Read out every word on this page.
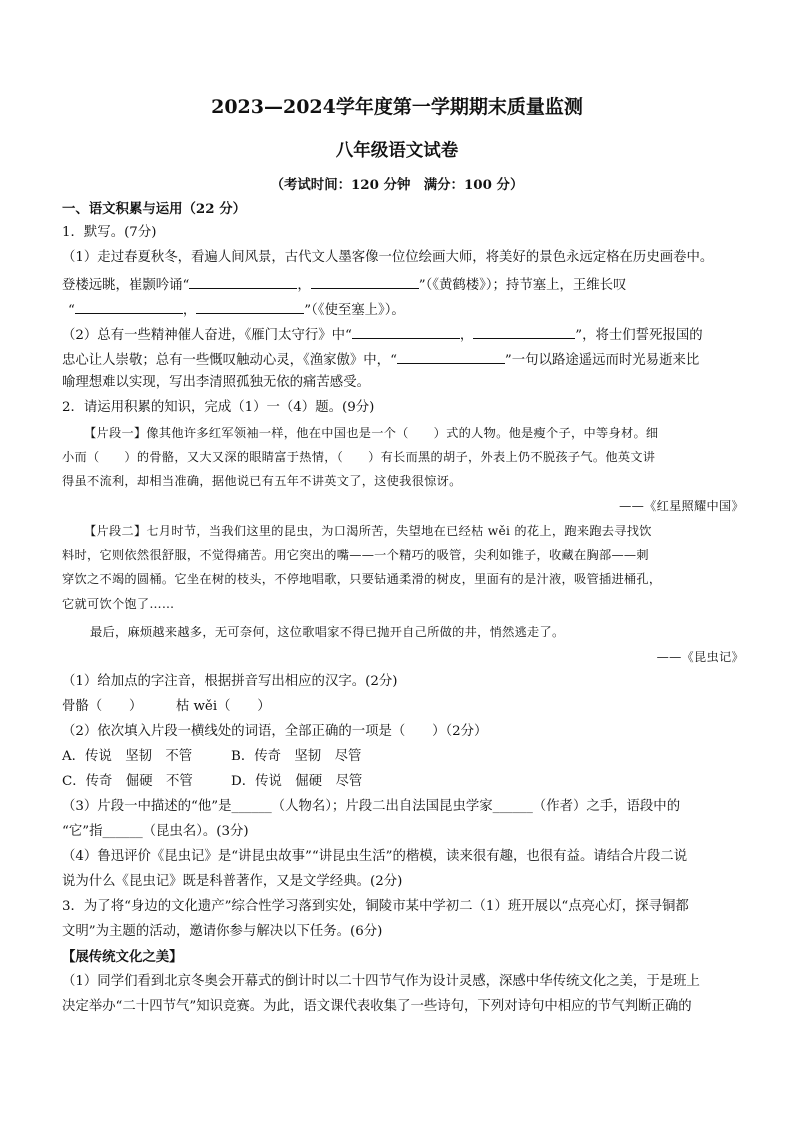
2023—2024学年度第一学期期末质量监测
八年级语文试卷
（考试时间：120 分钟　满分：100 分）
一、语文积累与运用（22 分）
1．默写。(7分)
（1）走过春夏秋冬，看遍人间风景，古代文人墨客像一位位绘画大师，将美好的景色永远定格在历史画卷中。
登楼远眺，崔颢吟诵“	，	”（《黄鹤楼》）；持节塞上，王维长叹
“	，	”（《使至塞上》）。
（2）总有一些精神催人奋进，《雁门太守行》中“	，	”，将士们誓死报国的
忠心让人崇敬；总有一些慨叹触动心灵，《渔家傲》中，“	”一句以路途遥远而时光易逝来比
喻理想难以实现，写出李清照孤独无依的痛苦感受。
2．请运用积累的知识，完成（1）一（4）题。(9分)
【片段一】像其他许多红军领袖一样，他在中国也是一个（　　）式的人物。他是瘦个子，中等身材。细
小而（　　）的骨骼，又大又深的眼睛富于热情，（　　）有长而黑的胡子，外表上仍不脱孩子气。他英文讲
得虽不流利，却相当准确，据他说已有五年不讲英文了，这使我很惊讶。
——《红星照耀中国》
【片段二】七月时节，当我们这里的昆虫，为口渴所苦，失望地在已经枯 wěi 的花上，跑来跑去寻找饮
料时，它则依然很舒服，不觉得痛苦。用它突出的嘴——一个精巧的吸管，尖利如锥子，收藏在胸部——刺
穿饮之不竭的圆桶。它坐在树的枝头，不停地唱歌，只要钻通柔滑的树皮，里面有的是汁液，吸管插进桶孔，
它就可饮个饱了……
最后，麻烦越来越多，无可奈何，这位歌唱家不得已抛开自己所做的井，悄然逃走了。
——《昆虫记》
（1）给加点的字注音，根据拼音写出相应的汉字。(2分)
骨骼（　　）　　　枯 wěi（　　）
（2）依次填入片段一横线处的词语，全部正确的一项是（　　）（2分）
A．传说　坚韧　不管	B．传奇　坚韧　尽管
C．传奇　倔硬　不管	D．传说　倔硬　尽管
（3）片段一中描述的“他”是______（人物名）；片段二出自法国昆虫学家______（作者）之手，语段中的
“它”指______（昆虫名）。(3分)
（4）鲁迅评价《昆虫记》是“讲昆虫故事”“讲昆虫生活”的楷模，读来很有趣，也很有益。请结合片段二说
说为什么《昆虫记》既是科普著作，又是文学经典。(2分)
3．为了将“身边的文化遗产”综合性学习落到实处，铜陵市某中学初二（1）班开展以“点亮心灯，探寻铜都
文明”为主题的活动，邀请你参与解决以下任务。(6分)
【展传统文化之美】
（1）同学们看到北京冬奥会开幕式的倒计时以二十四节气作为设计灵感，深感中华传统文化之美，于是班上
决定举办“二十四节气”知识竞赛。为此，语文课代表收集了一些诗句，下列对诗句中相应的节气判断正确的
